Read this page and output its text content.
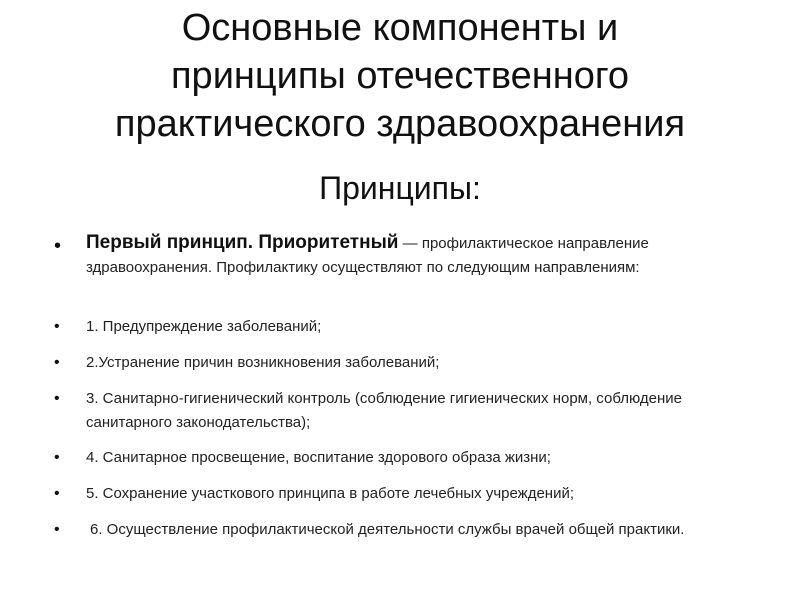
Основные компоненты и
принципы отечественного
практического здравоохранения
Принципы:
• Первый принцип. Приоритетный — профилактическое направление здравоохранения. Профилактику осуществляют по следующим направлениям:
• 1. Предупреждение заболеваний;
• 2.Устранение причин возникновения заболеваний;
• 3. Санитарно-гигиенический контроль (соблюдение гигиенических норм, соблюдение санитарного законодательства);
• 4. Санитарное просвещение, воспитание здорового образа жизни;
• 5. Сохранение участкового принципа в работе лечебных учреждений;
• 6. Осуществление профилактической деятельности службы врачей общей практики.
